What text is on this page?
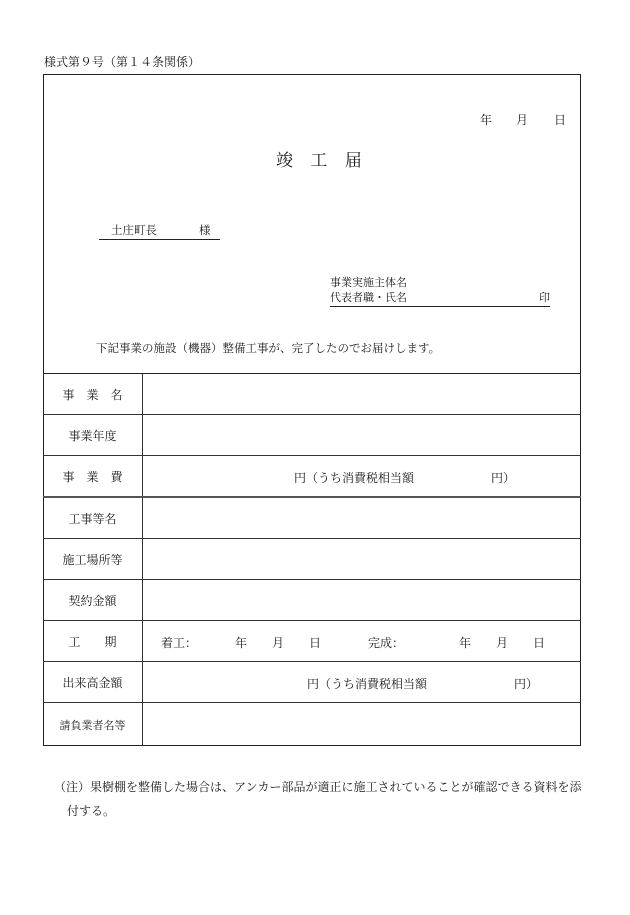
様式第９号（第１４条関係）
年 月 日
竣 工 届
土庄町長	様
事業実施主体名
代表者職・氏名	印
下記事業の施設（機器）整備工事が、完了したのでお届けします。
事　業　名
事業年度
事　業　費	円（うち消費税相当額	円）
工事等名
施工場所等
契約金額
工　　期	着工：	年 月 日	完成：	年 月 日
出来高金額	円（うち消費税相当額	円）
請負業者名等
（注）果樹棚を整備した場合は、アンカー部品が適正に施工されていることが確認できる資料を添
付する。
